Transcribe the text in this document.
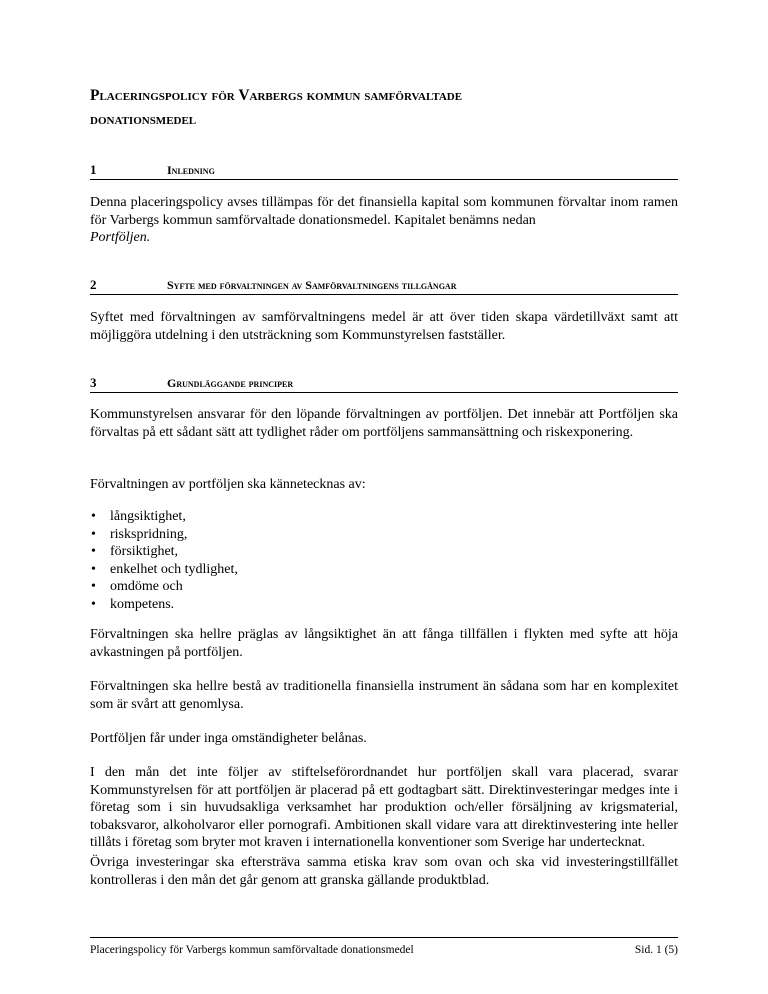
Placeringspolicy för Varbergs kommun samförvaltade
donationsmedel
1	Inledning

Denna placeringspolicy avses tillämpas för det finansiella kapital som kommunen förvaltar inom ramen för Varbergs kommun samförvaltade donationsmedel. Kapitalet benämns nedan
Portföljen.

2	Syfte med förvaltningen av Samförvaltningens tillgångar

Syftet med förvaltningen av samförvaltningens medel är att över tiden skapa värdetillväxt samt att möjliggöra utdelning i den utsträckning som Kommunstyrelsen fastställer.

3	Grundläggande principer

Kommunstyrelsen ansvarar för den löpande förvaltningen av portföljen. Det innebär att Portföljen ska förvaltas på ett sådant sätt att tydlighet råder om portföljens sammansättning och riskexponering.

Förvaltningen av portföljen ska kännetecknas av:

• långsiktighet,
• riskspridning,
• försiktighet,
• enkelhet och tydlighet,
• omdöme och
• kompetens.

Förvaltningen ska hellre präglas av långsiktighet än att fånga tillfällen i flykten med syfte att höja avkastningen på portföljen.

Förvaltningen ska hellre bestå av traditionella finansiella instrument än sådana som har en komplexitet som är svårt att genomlysa.

Portföljen får under inga omständigheter belånas.

I den mån det inte följer av stiftelseförordnandet hur portföljen skall vara placerad, svarar Kommunstyrelsen för att portföljen är placerad på ett godtagbart sätt. Direktinvesteringar medges inte i företag som i sin huvudsakliga verksamhet har produktion och/eller försäljning av krigsmaterial, tobaksvaror, alkoholvaror eller pornografi. Ambitionen skall vidare vara att direktinvestering inte heller tillåts i företag som bryter mot kraven i internationella konventioner som Sverige har undertecknat.

Övriga investeringar ska eftersträva samma etiska krav som ovan och ska vid investeringstillfället kontrolleras i den mån det går genom att granska gällande produktblad.

Placeringspolicy för Varbergs kommun samförvaltade donationsmedel	Sid. 1 (5)
